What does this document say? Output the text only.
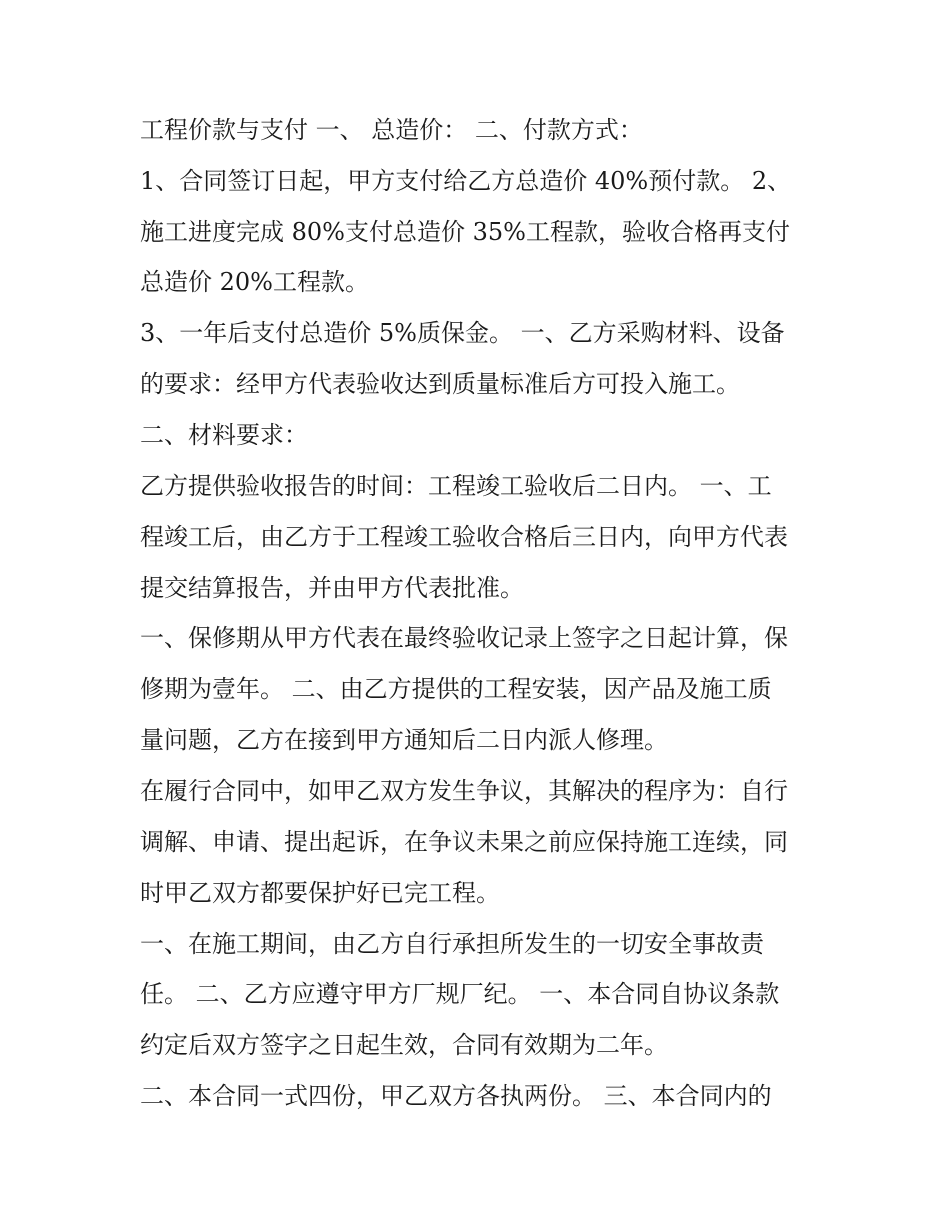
工程价款与支付 一、 总造价： 二、付款方式：
1、合同签订日起，甲方支付给乙方总造价 40%预付款。 2、
施工进度完成 80%支付总造价 35%工程款，验收合格再支付
总造价 20%工程款。
3、一年后支付总造价 5%质保金。 一、乙方采购材料、设备
的要求：经甲方代表验收达到质量标准后方可投入施工。
二、材料要求：
乙方提供验收报告的时间：工程竣工验收后二日内。 一、工
程竣工后，由乙方于工程竣工验收合格后三日内，向甲方代表
提交结算报告，并由甲方代表批准。
一、保修期从甲方代表在最终验收记录上签字之日起计算，保
修期为壹年。 二、由乙方提供的工程安装，因产品及施工质
量问题，乙方在接到甲方通知后二日内派人修理。
在履行合同中，如甲乙双方发生争议，其解决的程序为：自行
调解、申请、提出起诉，在争议未果之前应保持施工连续，同
时甲乙双方都要保护好已完工程。
一、在施工期间，由乙方自行承担所发生的一切安全事故责
任。 二、乙方应遵守甲方厂规厂纪。 一、本合同自协议条款
约定后双方签字之日起生效，合同有效期为二年。
二、本合同一式四份，甲乙双方各执两份。 三、本合同内的
